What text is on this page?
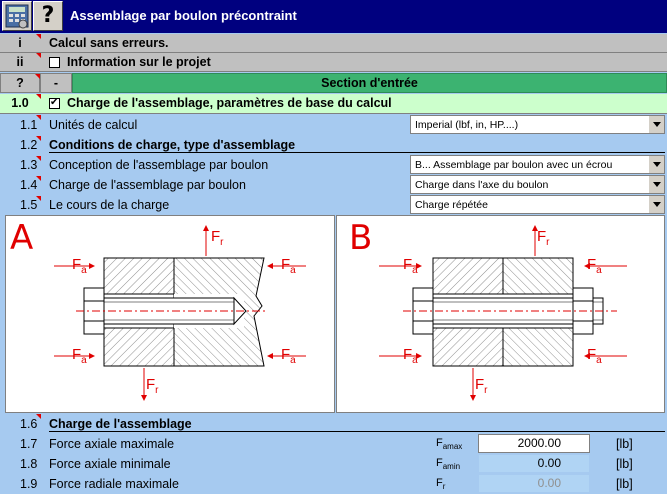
?	Assemblage par boulon précontraint
i	Calcul sans erreurs.
ii	Information sur le projet
?	-	Section d'entrée
1.0
✔	Charge de l'assemblage, paramètres de base du calcul
1.1 Unités de calcul	Imperial (lbf, in, HP....)
1.2 Conditions de charge, type d'assemblage
1.3 Conception de l'assemblage par boulon	B... Assemblage par boulon avec un écrou
1.4 Charge de l'assemblage par boulon	Charge dans l'axe du boulon
1.5 Le cours de la charge	Charge répétée
A
$F_a$
$F_a$
$F_a$
$F_a$
$F_r$
$F_r$
B
$F_a$
$F_a$
$F_a$
$F_a$
$F_r$
$F_r$
1.6 Charge de l'assemblage
1.7 Force axiale maximale	$F_{amax}$	2000.00	[lb]
1.8 Force axiale minimale	$F_{amin}$	0.00	[lb]
1.9 Force radiale maximale	$F_r$	0.00	[lb]
